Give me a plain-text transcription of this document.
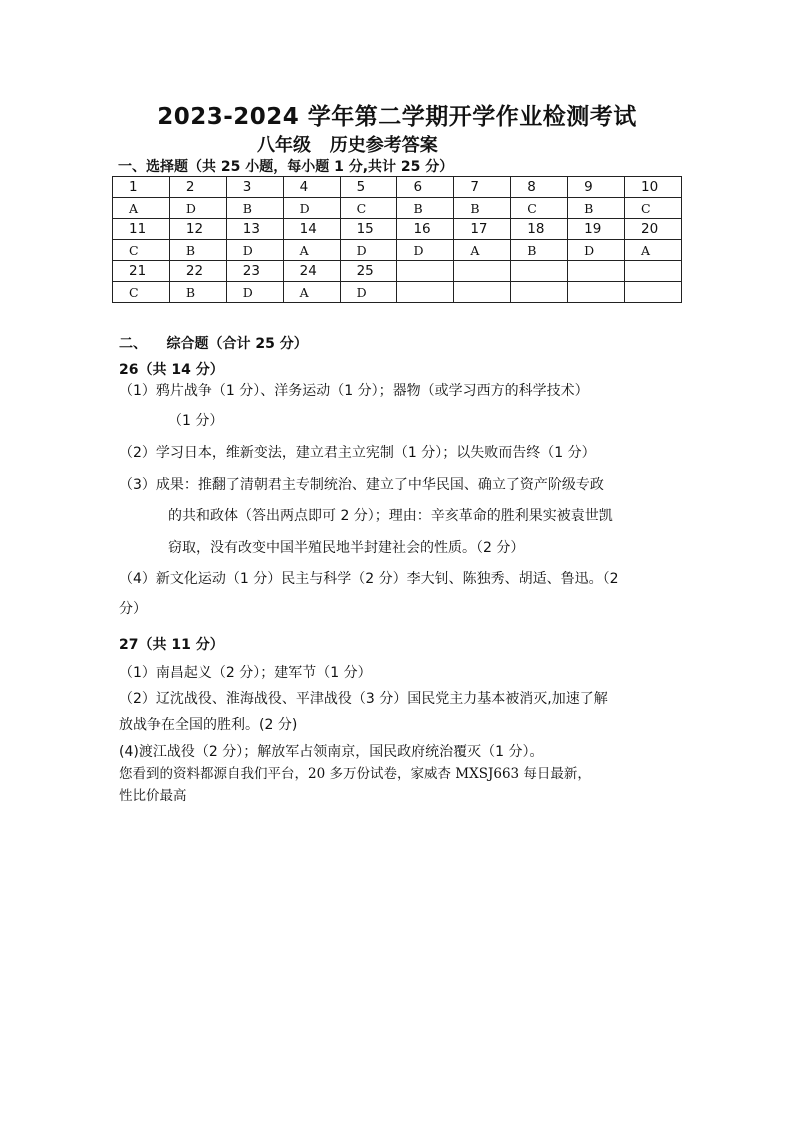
2023-2024 学年第二学期开学作业检测考试
八年级   历史参考答案
一、选择题（共 25 小题，每小题 1 分,共计 25 分）
1	2	3	4	5	6	7	8	9	10
A	D	B	D	C	B	B	C	B	C
11	12	13	14	15	16	17	18	19	20
C	B	D	A	D	D	A	B	D	A
21	22	23	24	25					
C	B	D	A	D					
二、    综合题（合计 25 分）
26（共 14 分）
（1）鸦片战争（1 分）、洋务运动（1 分）；器物（或学习西方的科学技术）
（1 分）
（2）学习日本，维新变法，建立君主立宪制（1 分）；以失败而告终（1 分）
（3）成果：推翻了清朝君主专制统治、建立了中华民国、确立了资产阶级专政
的共和政体（答出两点即可 2 分）；理由：辛亥革命的胜利果实被袁世凯
窃取，没有改变中国半殖民地半封建社会的性质。（2 分）
（4）新文化运动（1 分）民主与科学（2 分）李大钊、陈独秀、胡适、鲁迅。（2
分）
27（共 11 分）
（1）南昌起义（2 分）；建军节（1 分）
（2）辽沈战役、淮海战役、平津战役（3 分）国民党主力基本被消灭,加速了解
放战争在全国的胜利。(2 分)
(4)渡江战役（2 分）；解放军占领南京，国民政府统治覆灭（1 分）。
您看到的资料都源自我们平台，20 多万份试卷，家威杏 MXSJ663 每日最新，
性比价最高
